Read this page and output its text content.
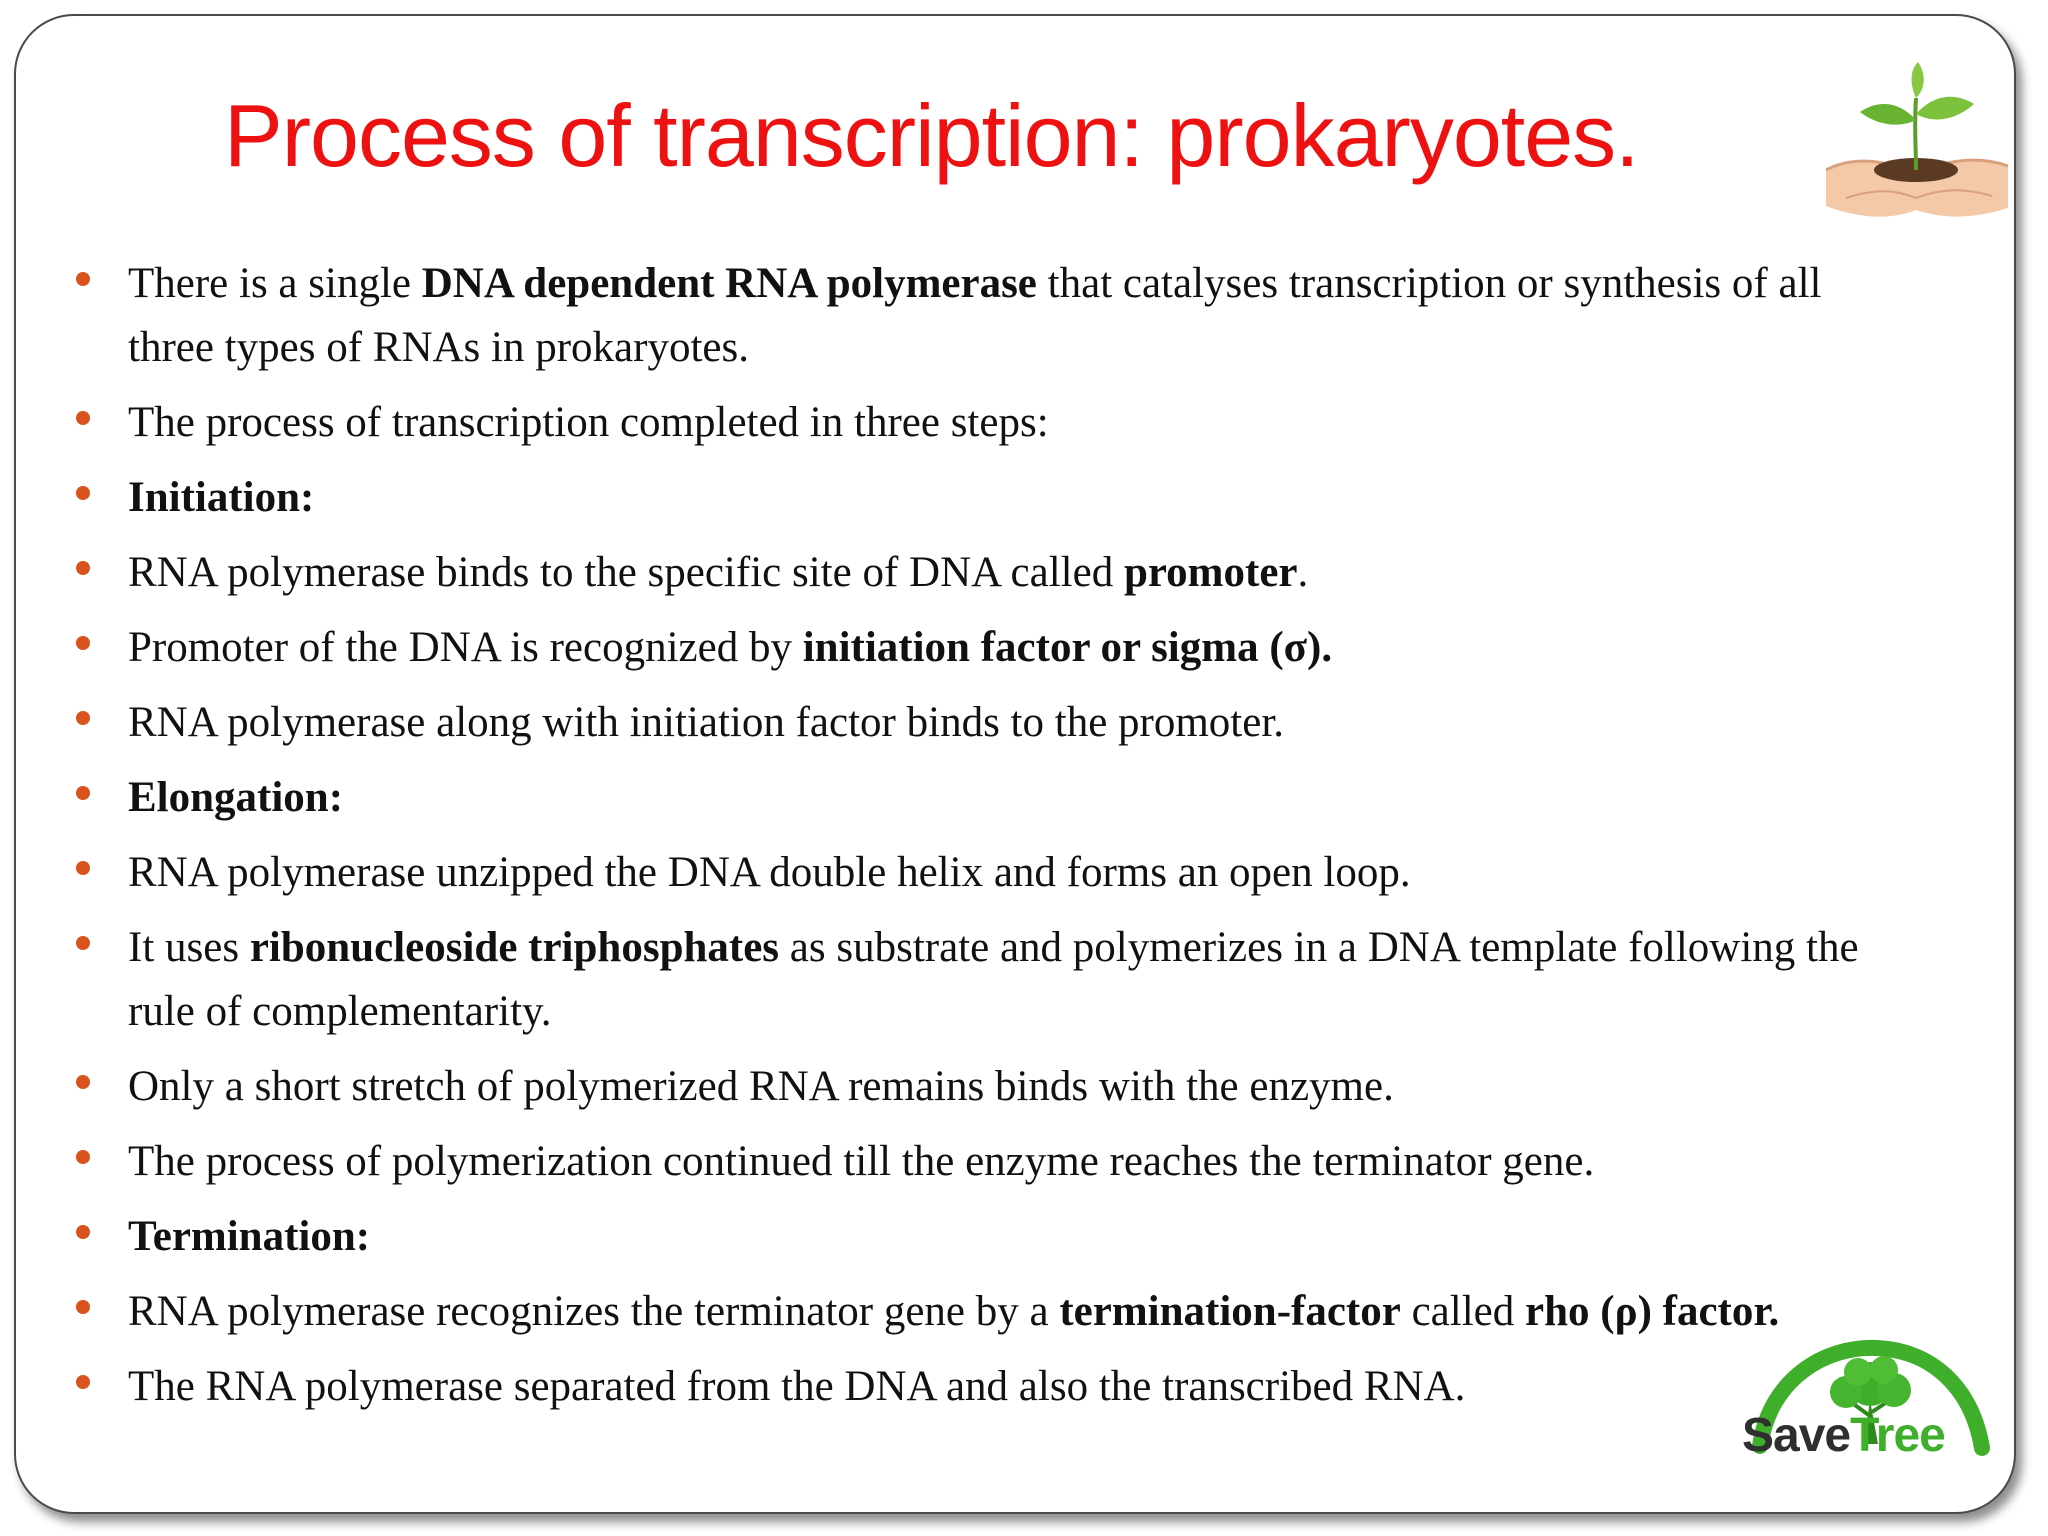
Process of transcription: prokaryotes.
There is a single DNA dependent RNA polymerase that catalyses transcription or synthesis of all three types of RNAs in prokaryotes.
The process of transcription completed in three steps:
Initiation:
RNA polymerase binds to the specific site of DNA called promoter.
Promoter of the DNA is recognized by initiation factor or sigma (σ).
RNA polymerase along with initiation factor binds to the promoter.
Elongation:
RNA polymerase unzipped the DNA double helix and forms an open loop.
It uses ribonucleoside triphosphates as substrate and polymerizes in a DNA template following the rule of complementarity.
Only a short stretch of polymerized RNA remains binds with the enzyme.
The process of polymerization continued till the enzyme reaches the terminator gene.
Termination:
RNA polymerase recognizes the terminator gene by a termination-factor called rho (ρ) factor.
The RNA polymerase separated from the DNA and also the transcribed RNA.
SaveTree
